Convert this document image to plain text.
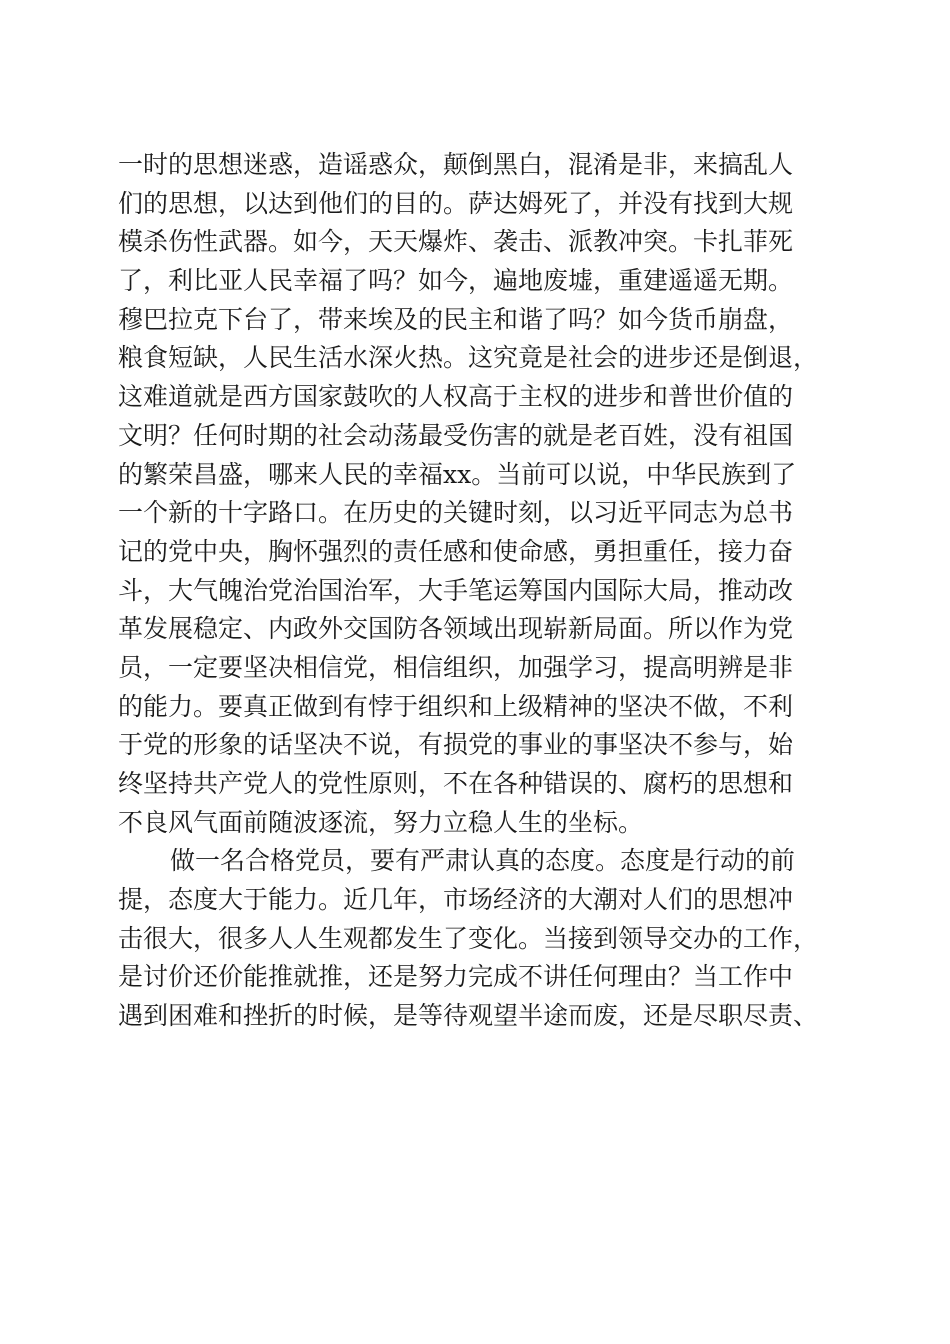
一时的思想迷惑，造谣惑众，颠倒黑白，混淆是非，来搞乱人
们的思想，以达到他们的目的。萨达姆死了，并没有找到大规
模杀伤性武器。如今，天天爆炸、袭击、派教冲突。卡扎菲死
了，利比亚人民幸福了吗？如今，遍地废墟，重建遥遥无期。
穆巴拉克下台了，带来埃及的民主和谐了吗？如今货币崩盘，
粮食短缺，人民生活水深火热。这究竟是社会的进步还是倒退，
这难道就是西方国家鼓吹的人权高于主权的进步和普世价值的
文明？任何时期的社会动荡最受伤害的就是老百姓，没有祖国
的繁荣昌盛，哪来人民的幸福xx。当前可以说，中华民族到了
一个新的十字路口。在历史的关键时刻，以习近平同志为总书
记的党中央，胸怀强烈的责任感和使命感，勇担重任，接力奋
斗，大气魄治党治国治军，大手笔运筹国内国际大局，推动改
革发展稳定、内政外交国防各领域出现崭新局面。所以作为党
员，一定要坚决相信党，相信组织，加强学习，提高明辨是非
的能力。要真正做到有悖于组织和上级精神的坚决不做，不利
于党的形象的话坚决不说，有损党的事业的事坚决不参与，始
终坚持共产党人的党性原则，不在各种错误的、腐朽的思想和
不良风气面前随波逐流，努力立稳人生的坐标。
做一名合格党员，要有严肃认真的态度。态度是行动的前
提，态度大于能力。近几年，市场经济的大潮对人们的思想冲
击很大，很多人人生观都发生了变化。当接到领导交办的工作，
是讨价还价能推就推，还是努力完成不讲任何理由？当工作中
遇到困难和挫折的时候，是等待观望半途而废，还是尽职尽责、
